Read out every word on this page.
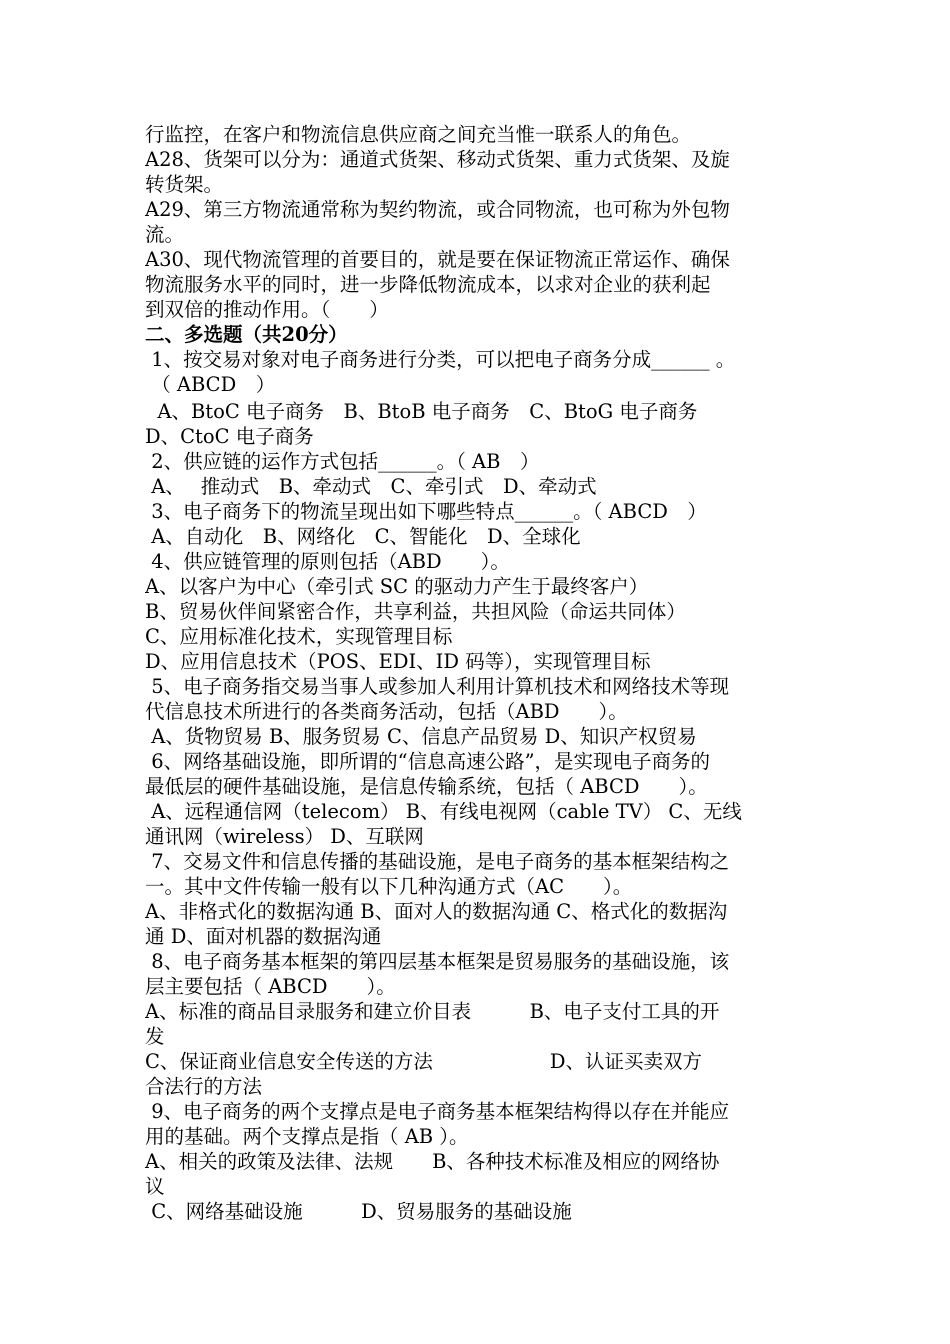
行监控，在客户和物流信息供应商之间充当惟一联系人的角色。
A28、货架可以分为：通道式货架、移动式货架、重力式货架、及旋
转货架。
A29、第三方物流通常称为契约物流，或合同物流，也可称为外包物
流。
A30、现代物流管理的首要目的，就是要在保证物流正常运作、确保
物流服务水平的同时，进一步降低物流成本，以求对企业的获利起
到双倍的推动作用。（　　）
二、多选题（共20分）
1、按交易对象对电子商务进行分类，可以把电子商务分成______ 。
（ ABCD　）
A、BtoC 电子商务　B、BtoB 电子商务　C、BtoG 电子商务
D、CtoC 电子商务
2、供应链的运作方式包括______。（ AB　）
A、　 推动式　B、牵动式　C、牵引式　D、牵动式
3、电子商务下的物流呈现出如下哪些特点______。（ ABCD　）
A、自动化　B、网络化　C、智能化　D、全球化
4、供应链管理的原则包括（ABD　　）。
A、以客户为中心（牵引式 SC 的驱动力产生于最终客户）
B、贸易伙伴间紧密合作，共享利益，共担风险（命运共同体）
C、应用标准化技术，实现管理目标
D、应用信息技术（POS、EDI、ID 码等），实现管理目标
5、电子商务指交易当事人或参加人利用计算机技术和网络技术等现
代信息技术所进行的各类商务活动，包括（ABD　　）。
A、货物贸易 B、服务贸易 C、信息产品贸易 D、知识产权贸易
6、网络基础设施，即所谓的“信息高速公路”，是实现电子商务的
最低层的硬件基础设施，是信息传输系统，包括（ ABCD　　）。
A、远程通信网（telecom） B、有线电视网（cable TV） C、无线
通讯网（wireless） D、互联网
7、交易文件和信息传播的基础设施，是电子商务的基本框架结构之
一。其中文件传输一般有以下几种沟通方式（AC　　）。
A、非格式化的数据沟通 B、面对人的数据沟通 C、格式化的数据沟
通 D、面对机器的数据沟通
8、电子商务基本框架的第四层基本框架是贸易服务的基础设施，该
层主要包括（ ABCD　　）。
A、标准的商品目录服务和建立价目表　　　B、电子支付工具的开
发
C、保证商业信息安全传送的方法　　　　　　D、认证买卖双方
合法行的方法
9、电子商务的两个支撑点是电子商务基本框架结构得以存在并能应
用的基础。两个支撑点是指（ AB ）。
A、相关的政策及法律、法规　　B、各种技术标准及相应的网络协
议
C、网络基础设施　　　D、贸易服务的基础设施
